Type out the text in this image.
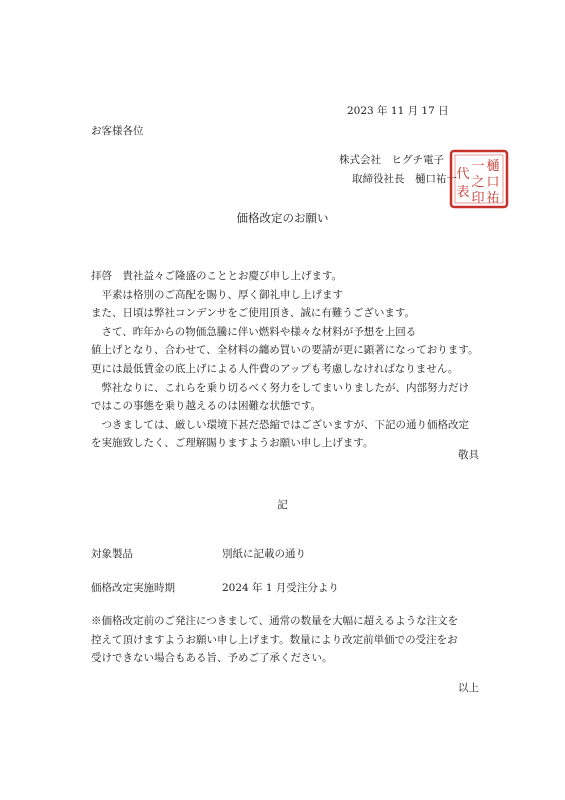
2023 年 11 月 17 日
お客様各位
株式会社　ヒグチ電子
取締役社長　樋口祐一
樋
口
祐
一
之
印
代
表
価格改定のお願い
拝啓　貴社益々ご隆盛のこととお慶び申し上げます。
　平素は格別のご高配を賜り、厚く御礼申し上げます
また、日頃は弊社コンデンサをご使用頂き、誠に有難うございます。
　さて、昨年からの物価急騰に伴い燃料や様々な材料が予想を上回る
値上げとなり、合わせて、全材料の纏め買いの要請が更に顕著になっております。
更には最低賃金の底上げによる人件費のアップも考慮しなければなりません。
　弊社なりに、これらを乗り切るべく努力をしてまいりましたが、内部努力だけ
ではこの事態を乗り越えるのは困難な状態です。
　つきましては、厳しい環境下甚だ恐縮ではございますが、下記の通り価格改定
を実施致したく、ご理解賜りますようお願い申し上げます。
敬具
記
対象製品	別紙に記載の通り
価格改定実施時期	2024 年 1 月受注分より
※価格改定前のご発注につきまして、通常の数量を大幅に超えるような注文を
控えて頂けますようお願い申し上げます。数量により改定前単価での受注をお
受けできない場合もある旨、予めご了承ください。
以上
